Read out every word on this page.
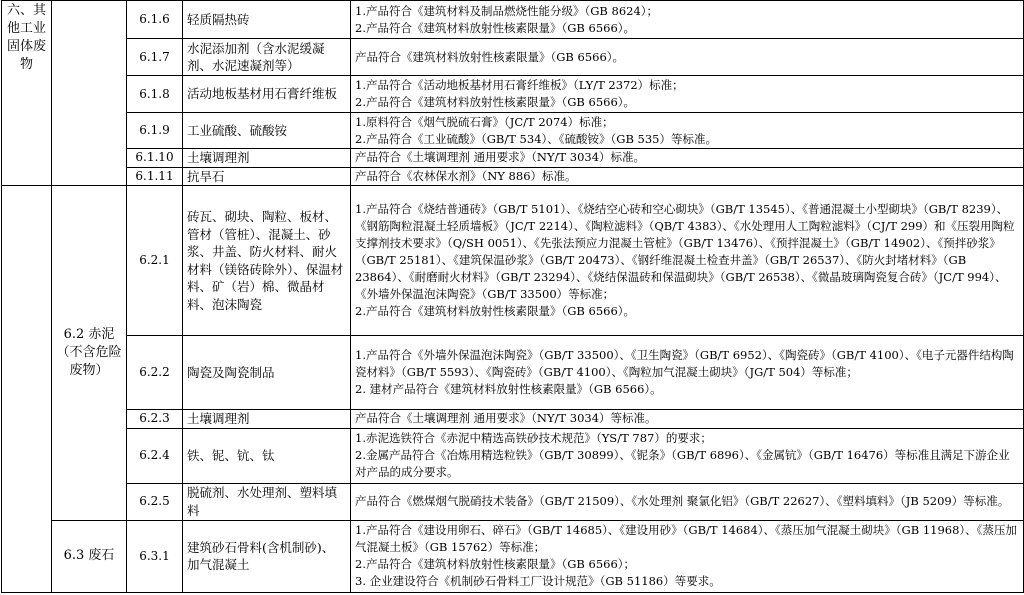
六、其他工业固体废物		6.1.6	轻质隔热砖	1.产品符合《建筑材料及制品燃烧性能分级》（GB 8624）；
2.产品符合《建筑材料放射性核素限量》（GB 6566）。

		6.1.7	水泥添加剂（含水泥缓凝剂、水泥速凝剂等）	产品符合《建筑材料放射性核素限量》（GB 6566）。

		6.1.8	活动地板基材用石膏纤维板	1.产品符合《活动地板基材用石膏纤维板》（LY/T 2372）标准；
2.产品符合《建筑材料放射性核素限量》（GB 6566）。

		6.1.9	工业硫酸、硫酸铵	1.原料符合《烟气脱硫石膏》（JC/T 2074）标准；
2.产品符合《工业硫酸》（GB/T 534）、《硫酸铵》（GB 535）等标准。

		6.1.10	土壤调理剂	产品符合《土壤调理剂 通用要求》（NY/T 3034）标准。

		6.1.11	抗旱石	产品符合《农林保水剂》（NY 886）标准。

	6.2 赤泥（不含危险废物）	6.2.1	砖瓦、砌块、陶粒、板材、管材（管桩）、混凝土、砂浆、井盖、防火材料、耐火材料（镁铬砖除外）、保温材料、矿（岩）棉、微晶材料、泡沫陶瓷	1.产品符合《烧结普通砖》（GB/T 5101）、《烧结空心砖和空心砌块》（GB/T 13545）、《普通混凝土小型砌块》（GB/T 8239）、《钢筋陶粒混凝土轻质墙板》（JC/T 2214）、《陶粒滤料》（QB/T 4383）、《水处理用人工陶粒滤料》（CJ/T 299）和《压裂用陶粒支撑剂技术要求》（Q/SH 0051）、《先张法预应力混凝土管桩》（GB/T 13476）、《预拌混凝土》（GB/T 14902）、《预拌砂浆》（GB/T 25181）、《建筑保温砂浆》（GB/T 20473）、《钢纤维混凝土检查井盖》（GB/T 26537）、《防火封堵材料》（GB 23864）、《耐磨耐火材料》（GB/T 23294）、《烧结保温砖和保温砌块》（GB/T 26538）、《微晶玻璃陶瓷复合砖》（JC/T 994）、《外墙外保温泡沫陶瓷》（GB/T 33500）等标准；
2.产品符合《建筑材料放射性核素限量》（GB 6566）。

		6.2.2	陶瓷及陶瓷制品	1.产品符合《外墙外保温泡沫陶瓷》（GB/T 33500）、《卫生陶瓷》（GB/T 6952）、《陶瓷砖》（GB/T 4100）、《电子元器件结构陶瓷材料》（GB/T 5593）、《陶瓷砖》（GB/T 4100）、《陶粒加气混凝土砌块》（JG/T 504）等标准；
2. 建材产品符合《建筑材料放射性核素限量》（GB 6566）。

		6.2.3	土壤调理剂	产品符合《土壤调理剂 通用要求》（NY/T 3034）等标准。

		6.2.4	铁、铌、钪、钛	1.赤泥选铁符合《赤泥中精选高铁砂技术规范》（YS/T 787）的要求；
2.金属产品符合《冶炼用精选粒铁》（GB/T 30899）、《铌条》（GB/T 6896）、《金属钪》（GB/T 16476）等标准且满足下游企业对产品的成分要求。

		6.2.5	脱硫剂、水处理剂、塑料填料	产品符合《燃煤烟气脱硝技术装备》（GB/T 21509）、《水处理剂 聚氯化铝》（GB/T 22627）、《塑料填料》（JB 5209）等标准。

	6.3 废石	6.3.1	建筑砂石骨料(含机制砂)、加气混凝土	1.产品符合《建设用卵石、碎石》（GB/T 14685）、《建设用砂》（GB/T 14684）、《蒸压加气混凝土砌块》（GB 11968）、《蒸压加气混凝土板》（GB 15762）等标准；
2.产品符合《建筑材料放射性核素限量》（GB 6566）；
3. 企业建设符合《机制砂石骨料工厂设计规范》（GB 51186）等要求。
